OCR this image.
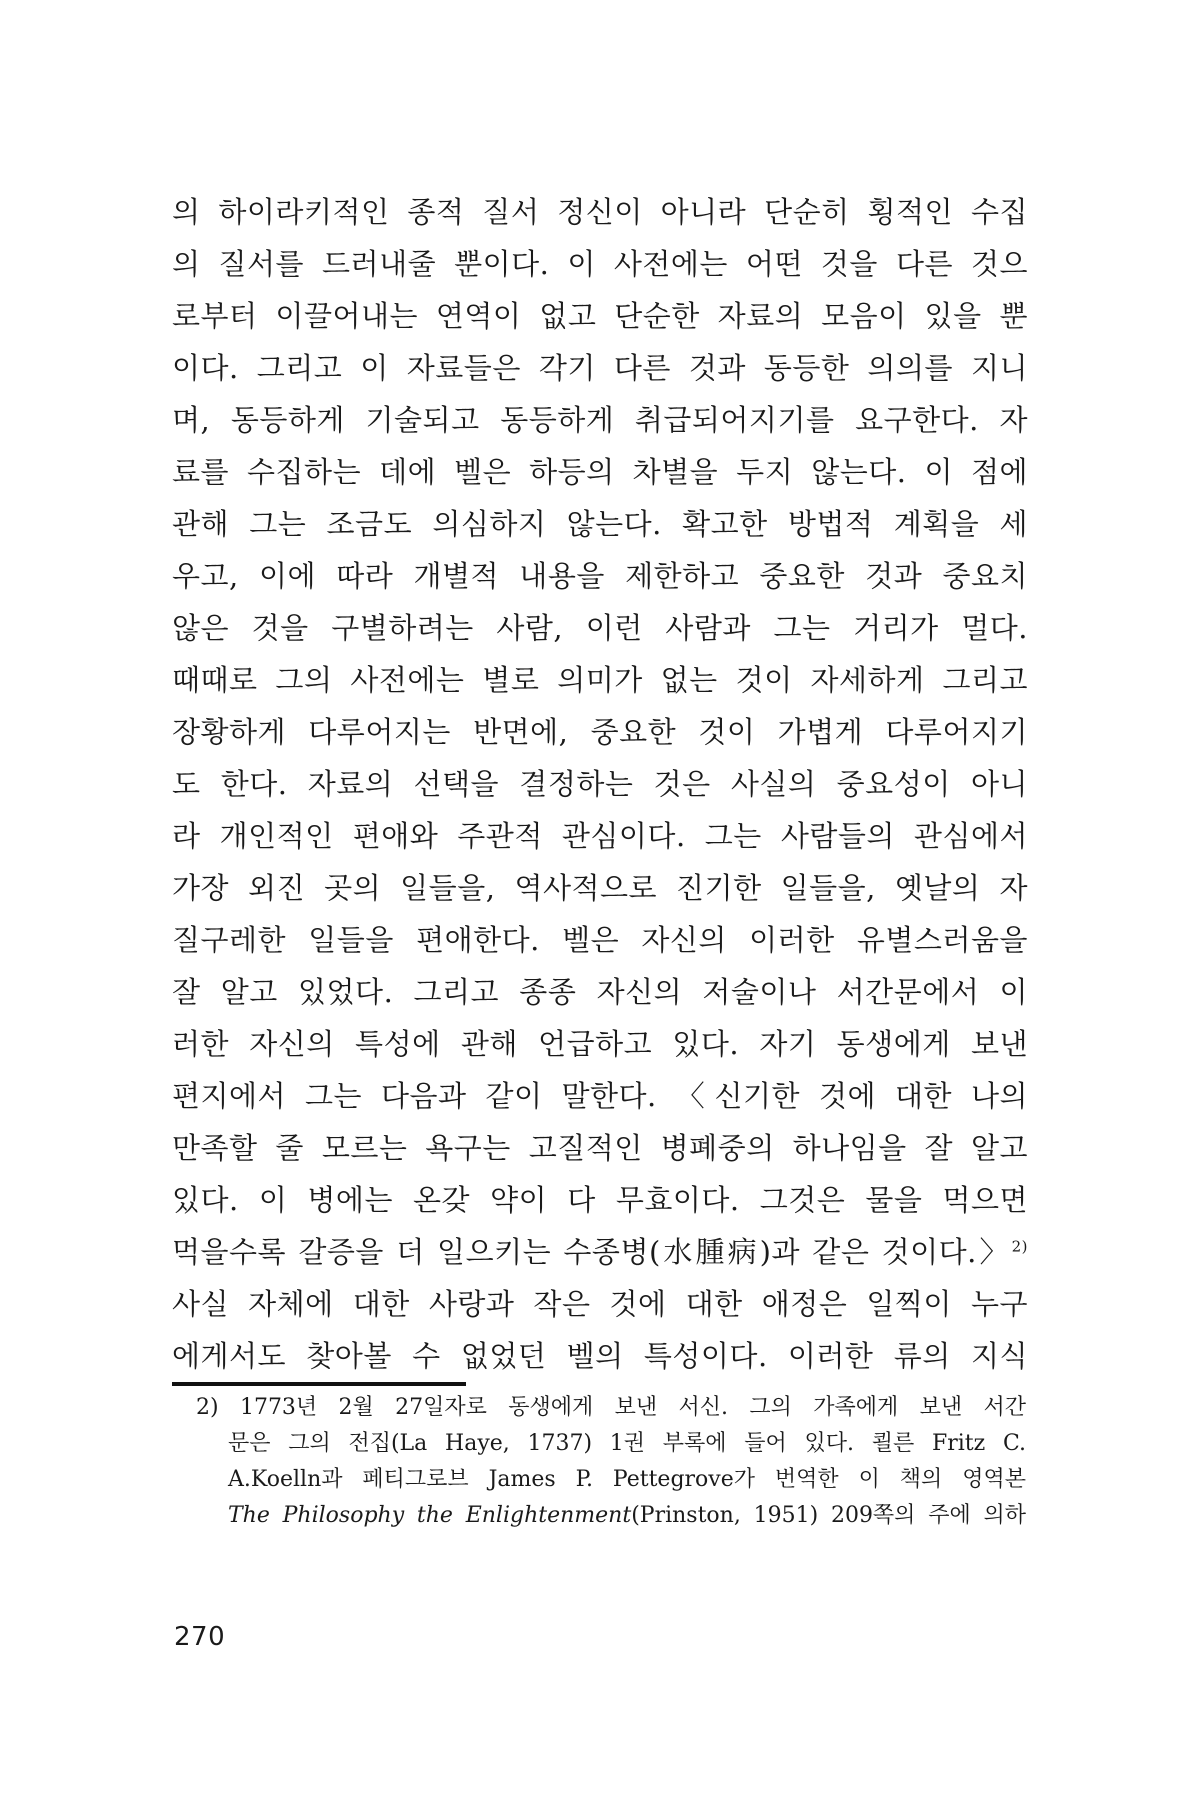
의 하이라키적인 종적 질서 정신이 아니라 단순히 횡적인 수집
의 질서를 드러내줄 뿐이다. 이 사전에는 어떤 것을 다른 것으
로부터 이끌어내는 연역이 없고 단순한 자료의 모음이 있을 뿐
이다. 그리고 이 자료들은 각기 다른 것과 동등한 의의를 지니
며, 동등하게 기술되고 동등하게 취급되어지기를 요구한다. 자
료를 수집하는 데에 벨은 하등의 차별을 두지 않는다. 이 점에
관해 그는 조금도 의심하지 않는다. 확고한 방법적 계획을 세
우고, 이에 따라 개별적 내용을 제한하고 중요한 것과 중요치
않은 것을 구별하려는 사람, 이런 사람과 그는 거리가 멀다.
때때로 그의 사전에는 별로 의미가 없는 것이 자세하게 그리고
장황하게 다루어지는 반면에, 중요한 것이 가볍게 다루어지기
도 한다. 자료의 선택을 결정하는 것은 사실의 중요성이 아니
라 개인적인 편애와 주관적 관심이다. 그는 사람들의 관심에서
가장 외진 곳의 일들을, 역사적으로 진기한 일들을, 옛날의 자
질구레한 일들을 편애한다. 벨은 자신의 이러한 유별스러움을
잘 알고 있었다. 그리고 종종 자신의 저술이나 서간문에서 이
러한 자신의 특성에 관해 언급하고 있다. 자기 동생에게 보낸
편지에서 그는 다음과 같이 말한다. 〈신기한 것에 대한 나의
만족할 줄 모르는 욕구는 고질적인 병폐중의 하나임을 잘 알고
있다. 이 병에는 온갖 약이 다 무효이다. 그것은 물을 먹으면
먹을수록 갈증을 더 일으키는 수종병(水腫病)과 같은 것이다.〉$^{2)}$
사실 자체에 대한 사랑과 작은 것에 대한 애정은 일찍이 누구
에게서도 찾아볼 수 없었던 벨의 특성이다. 이러한 류의 지식
2) 1773년 2월 27일자로 동생에게 보낸 서신. 그의 가족에게 보낸 서간
문은 그의 전집(La Haye, 1737) 1권 부록에 들어 있다. 쾰른 Fritz C.
A.Koelln과 페티그로브 James P. Pettegrove가 번역한 이 책의 영역본
The Philosophy the Enlightenment(Prinston, 1951) 209쪽의 주에 의하
270
